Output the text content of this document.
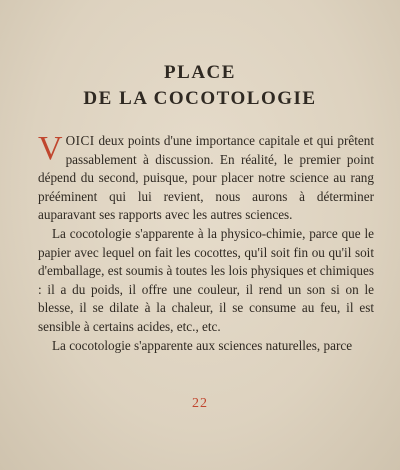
PLACE
DE LA COCOTOLOGIE

VOICI deux points d'une importance capitale et qui prêtent passablement à discussion. En réalité, le premier point dépend du second, puisque, pour placer notre science au rang prééminent qui lui revient, nous aurons à déterminer auparavant ses rapports avec les autres sciences.

La cocotologie s'apparente à la physico-chimie, parce que le papier avec lequel on fait les cocottes, qu'il soit fin ou qu'il soit d'emballage, est soumis à toutes les lois physiques et chimiques : il a du poids, il offre une couleur, il rend un son si on le blesse, il se dilate à la chaleur, il se consume au feu, il est sensible à certains acides, etc., etc.

La cocotologie s'apparente aux sciences naturelles, parce

22
